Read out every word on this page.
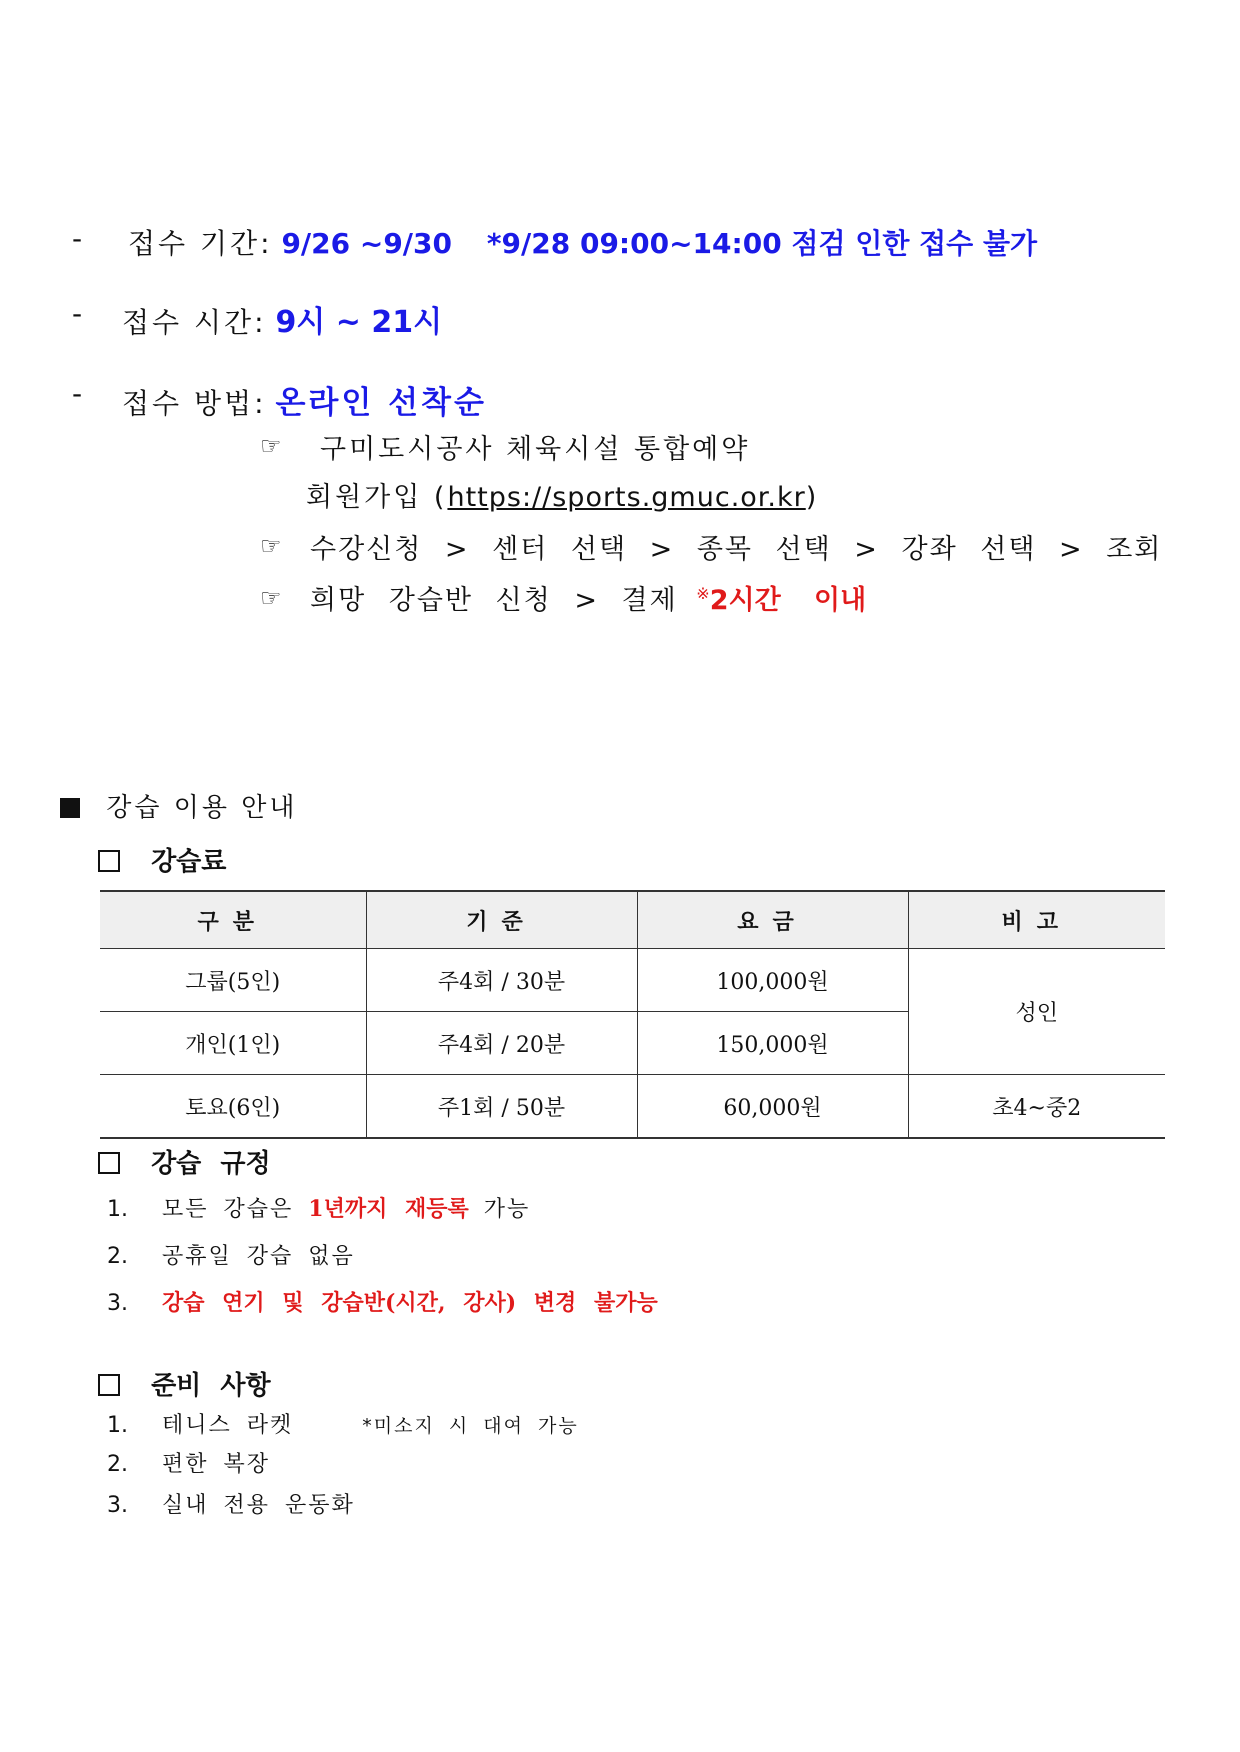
- 접수 기간: 9/26 ~9/30 *9/28 09:00~14:00 점검 인한 접수 불가
- 접수 시간: 9시 ~ 21시
- 접수 방법: 온라인 선착순
☞ 구미도시공사 체육시설 통합예약
회원가입 (https://sports.gmuc.or.kr)
☞ 수강신청 > 센터 선택 > 종목 선택 > 강좌 선택 > 조회
☞ 희망 강습반 신청 > 결제 ※2시간 이내
강습 이용 안내
강습료
구분	기준	요금	비고
그룹(5인)	주4회 / 30분	100,000원	성인
개인(1인)	주4회 / 20분	150,000원	
토요(6인)	주1회 / 50분	60,000원	초4~중2
강습 규정
1. 모든 강습은 1년까지 재등록 가능
2. 공휴일 강습 없음
3. 강습 연기 및 강습반(시간, 강사) 변경 불가능
준비 사항
1. 테니스 라켓	*미소지 시 대여 가능
2. 편한 복장
3. 실내 전용 운동화
